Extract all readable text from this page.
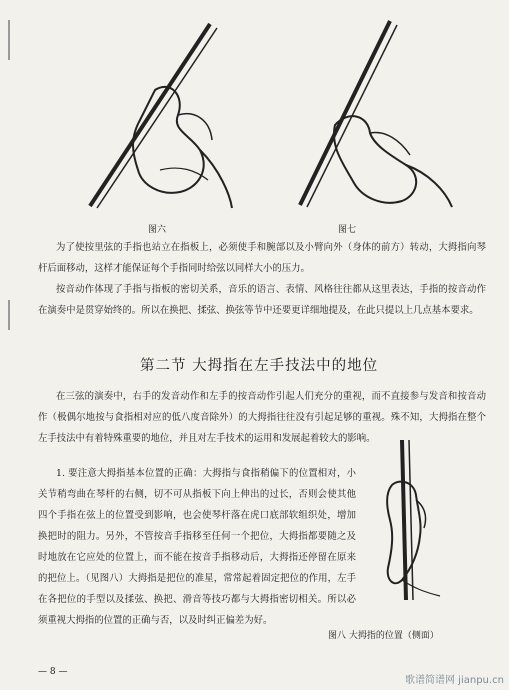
图六	图七
为了使按里弦的手指也站立在指板上，必须使手和腕部以及小臂向外（身体的前方）转动，大拇指向琴杆后面移动，这样才能保证每个手指同时给弦以同样大小的压力。
按音动作体现了手指与指板的密切关系，音乐的语言、表情、风格往往都从这里表达，手指的按音动作在演奏中是贯穿始终的。所以在换把、揉弦、换弦等节中还要更详细地提及，在此只提以上几点基本要求。
第二节 大拇指在左手技法中的地位
在三弦的演奏中，右手的发音动作和左手的按音动作引起人们充分的重视，而不直接参与发音和按音动作（极偶尔地按与食指相对应的低八度音除外）的大拇指往往没有引起足够的重视。殊不知，大拇指在整个左手技法中有着特殊重要的地位，并且对左手技术的运用和发展起着较大的影响。
1. 要注意大拇指基本位置的正确：大拇指与食指稍偏下的位置相对，小关节稍弯曲在琴杆的右侧，切不可从指板下向上伸出的过长，否则会使其他四个手指在弦上的位置受到影响，也会使琴杆落在虎口底部软组织处，增加换把时的阻力。另外，不管按音手指移至任何一个把位，大拇指都要随之及时地放在它应处的位置上，而不能在按音手指移动后，大拇指还停留在原来的把位上。（见图八）大拇指是把位的准星，常常起着固定把位的作用，左手在各把位的手型以及揉弦、换把、滑音等技巧都与大拇指密切相关。所以必须重视大拇指的位置的正确与否，以及时纠正偏差为好。
图八 大拇指的位置（侧面）
— 8 —
歌谱简谱网 jianpu.cn
